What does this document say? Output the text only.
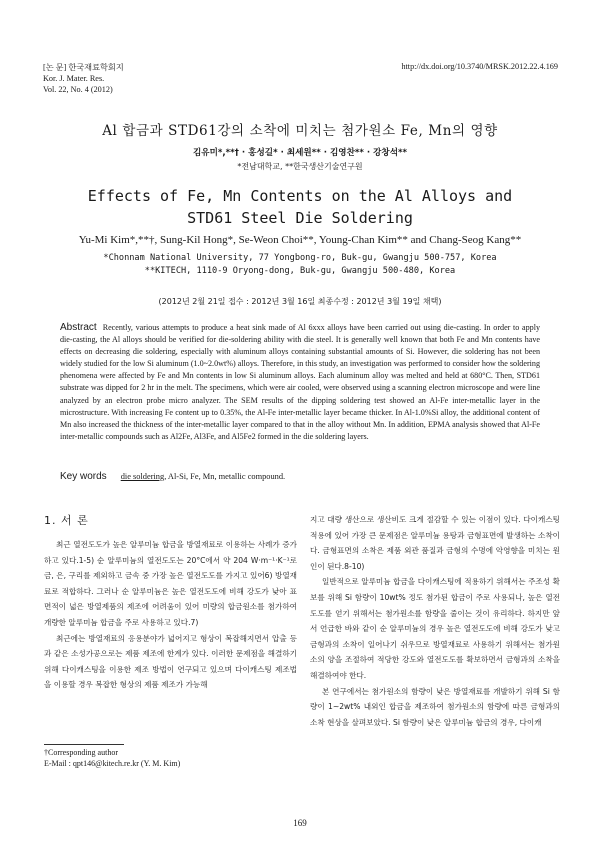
[논 문] 한국재료학회지
Kor. J. Mater. Res.
Vol. 22, No. 4 (2012)
http://dx.doi.org/10.3740/MRSK.2012.22.4.169
Al 합금과 STD61강의 소착에 미치는 첨가원소 Fe, Mn의 영향
김유미*,**† · 홍성길* · 최세원** · 김영찬** · 강창석**
*전남대학교, **한국생산기술연구원
Effects of Fe, Mn Contents on the Al Alloys and
STD61 Steel Die Soldering
Yu-Mi Kim*,**†, Sung-Kil Hong*, Se-Weon Choi**, Young-Chan Kim** and Chang-Seog Kang**
*Chonnam National University, 77 Yongbong-ro, Buk-gu, Gwangju 500-757, Korea
**KITECH, 1110-9 Oryong-dong, Buk-gu, Gwangju 500-480, Korea
(2012년 2월 21일 접수 : 2012년 3월 16일 최종수정 : 2012년 3월 19일 채택)
Abstract Recently, various attempts to produce a heat sink made of Al 6xxx alloys have been carried out using die-casting. In order to apply die-casting, the Al alloys should be verified for die-soldering ability with die steel. It is generally well known that both Fe and Mn contents have effects on decreasing die soldering, especially with aluminum alloys containing substantial amounts of Si. However, die soldering has not been widely studied for the low Si aluminum (1.0~2.0wt%) alloys. Therefore, in this study, an investigation was performed to consider how the soldering phenomena were affected by Fe and Mn contents in low Si aluminum alloys. Each aluminum alloy was melted and held at 680°C. Then, STD61 substrate was dipped for 2 hr in the melt. The specimens, which were air cooled, were observed using a scanning electron microscope and were line analyzed by an electron probe micro analyzer. The SEM results of the dipping soldering test showed an Al-Fe inter-metallic layer in the microstructure. With increasing Fe content up to 0.35%, the Al-Fe inter-metallic layer became thicker. In Al-1.0%Si alloy, the additional content of Mn also increased the thickness of the inter-metallic layer compared to that in the alloy without Mn. In addition, EPMA analysis showed that Al-Fe inter-metallic compounds such as Al2Fe, Al3Fe, and Al5Fe2 formed in the die soldering layers.
Key words die soldering, Al-Si, Fe, Mn, metallic compound.
1. 서 론

최근 열전도도가 높은 알루미늄 합금을 방열재료로 이용하는 사례가 증가하고 있다.1-5) 순 알루미늄의 열전도도는 20°C에서 약 204 W·m⁻¹·K⁻¹로 금, 은, 구리를 제외하고 금속 중 가장 높은 열전도도를 가지고 있어6) 방열재료로 적합하다. 그러나 순 알루미늄은 높은 열전도도에 비해 강도가 낮아 표면적이 넓은 방열제품의 제조에 어려움이 있어 미량의 합금원소를 첨가하여 개량한 알루미늄 합금을 주로 사용하고 있다.7)

최근에는 방열재료의 응용분야가 넓어지고 형상이 복잡해지면서 압출 등과 같은 소성가공으로는 제품 제조에 한계가 있다. 이러한 문제점을 해결하기 위해 다이캐스팅을 이용한 제조 방법이 연구되고 있으며 다이캐스팅 제조법을 이용할 경우 복잡한 형상의 제품 제조가 가능해

지고 대량 생산으로 생산비도 크게 절감할 수 있는 이점이 있다. 다이캐스팅 적용에 있어 가장 큰 문제점은 알루미늄 용탕과 금형표면에 발생하는 소착이다. 금형표면의 소착은 제품 외관 품질과 금형의 수명에 악영향을 미치는 원인이 된다.8-10)

일반적으로 알루미늄 합금을 다이캐스팅에 적용하기 위해서는 주조성 확보를 위해 Si 함량이 10wt% 정도 첨가된 합금이 주로 사용되나, 높은 열전도도를 얻기 위해서는 첨가원소를 함량을 줄이는 것이 유리하다. 하지만 앞서 언급한 바와 같이 순 알루미늄의 경우 높은 열전도도에 비해 강도가 낮고 금형과의 소착이 일어나기 쉬우므로 방열재료로 사용하기 위해서는 첨가원소의 양을 조절하여 적당한 강도와 열전도도를 확보하면서 금형과의 소착을 해결하여야 한다.

본 연구에서는 첨가원소의 함량이 낮은 방열재료를 개발하기 위해 Si 함량이 1~2wt% 내외인 합금을 제조하여 첨가원소의 함량에 따른 금형과의 소착 현상을 살펴보았다. Si 함량이 낮은 알루미늄 합금의 경우, 다이캐

†Corresponding author
E-Mail : qpt146@kitech.re.kr (Y. M. Kim)
169
